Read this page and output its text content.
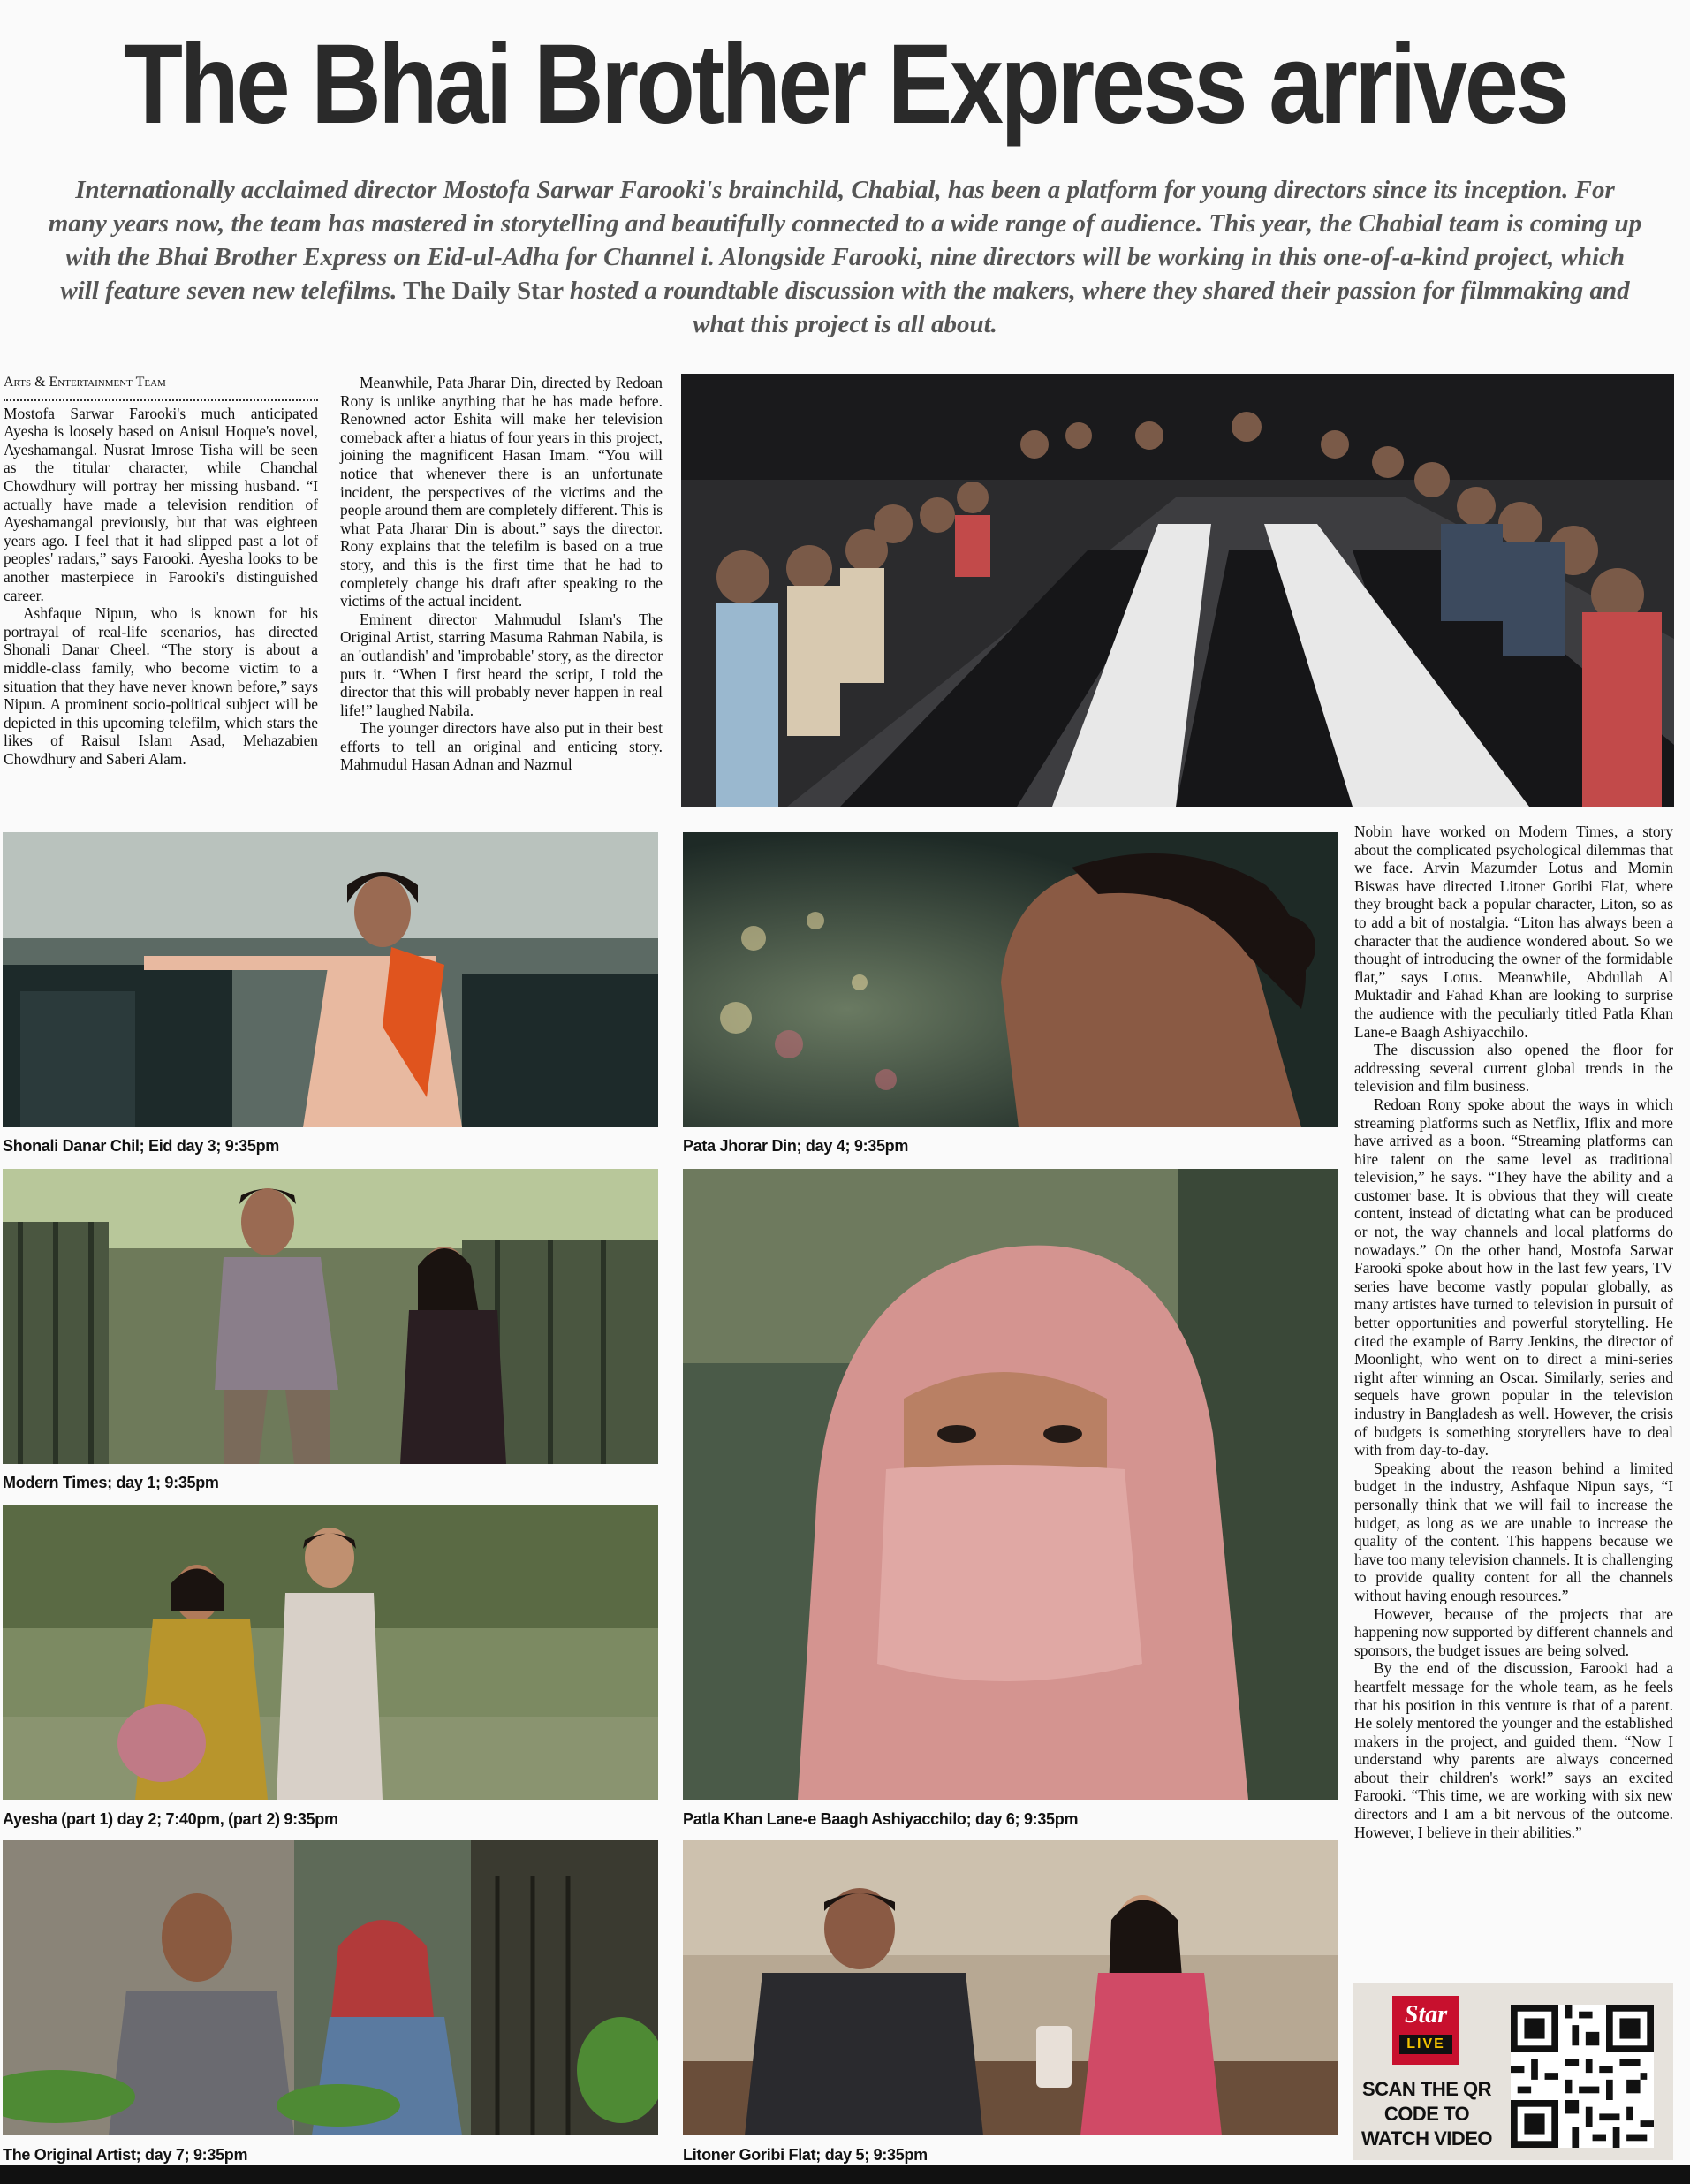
The Bhai Brother Express arrives
Internationally acclaimed director Mostofa Sarwar Farooki's brainchild, Chabial, has been a platform for young directors since its inception. For many years now, the team has mastered in storytelling and beautifully connected to a wide range of audience. This year, the Chabial team is coming up with the Bhai Brother Express on Eid-ul-Adha for Channel i. Alongside Farooki, nine directors will be working in this one-of-a-kind project, which will feature seven new telefilms. The Daily Star hosted a roundtable discussion with the makers, where they shared their passion for filmmaking and what this project is all about.
Arts & Entertainment Team

Mostofa Sarwar Farooki's much anticipated Ayesha is loosely based on Anisul Hoque's novel, Ayeshamangal. Nusrat Imrose Tisha will be seen as the titular character, while Chanchal Chowdhury will portray her missing husband. “I actually have made a television rendition of Ayeshamangal previously, but that was eighteen years ago. I feel that it had slipped past a lot of peoples' radars,” says Farooki. Ayesha looks to be another masterpiece in Farooki's distinguished career.

Ashfaque Nipun, who is known for his portrayal of real-life scenarios, has directed Shonali Danar Cheel. “The story is about a middle-class family, who become victim to a situation that they have never known before,” says Nipun. A prominent socio-political subject will be depicted in this upcoming telefilm, which stars the likes of Raisul Islam Asad, Mehazabien Chowdhury and Saberi Alam.

Meanwhile, Pata Jharar Din, directed by Redoan Rony is unlike anything that he has made before. Renowned actor Eshita will make her television comeback after a hiatus of four years in this project, joining the magnificent Hasan Imam. “You will notice that whenever there is an unfortunate incident, the perspectives of the victims and the people around them are completely different. This is what Pata Jharar Din is about.” says the director. Rony explains that the telefilm is based on a true story, and this is the first time that he had to completely change his draft after speaking to the victims of the actual incident.

Eminent director Mahmudul Islam's The Original Artist, starring Masuma Rahman Nabila, is an 'outlandish' and 'improbable' story, as the director puts it. “When I first heard the script, I told the director that this will probably never happen in real life!” laughed Nabila.

The younger directors have also put in their best efforts to tell an original and enticing story. Mahmudul Hasan Adnan and Nazmul

Shonali Danar Chil; Eid day 3; 9:35pm	Pata Jhorar Din; day 4; 9:35pm

Nobin have worked on Modern Times, a story about the complicated psychological dilemmas that we face. Arvin Mazumder Lotus and Momin Biswas have directed Litoner Goribi Flat, where they brought back a popular character, Liton, so as to add a bit of nostalgia. “Liton has always been a character that the audience wondered about. So we thought of introducing the owner of the formidable flat,” says Lotus. Meanwhile, Abdullah Al Muktadir and Fahad Khan are looking to surprise the audience with the peculiarly titled Patla Khan Lane-e Baagh Ashiyacchilo.

The discussion also opened the floor for addressing several current global trends in the television and film business.

Redoan Rony spoke about the ways in which streaming platforms such as Netflix, Iflix and more have arrived as a boon. “Streaming platforms can hire talent on the same level as traditional television,” he says. “They have the ability and a customer base. It is obvious that they will create content, instead of dictating what can be produced or not, the way channels and local platforms do nowadays.” On the other hand, Mostofa Sarwar Farooki spoke about how in the last few years, TV series have become vastly popular globally, as many artistes have turned to television in pursuit of better opportunities and powerful storytelling. He cited the example of Barry Jenkins, the director of Moonlight, who went on to direct a mini-series right after winning an Oscar. Similarly, series and sequels have grown popular in the television industry in Bangladesh as well. However, the crisis of budgets is something storytellers have to deal with from day-to-day.

Speaking about the reason behind a limited budget in the industry, Ashfaque Nipun says, “I personally think that we will fail to increase the budget, as long as we are unable to increase the quality of the content. This happens because we have too many television channels. It is challenging to provide quality content for all the channels without having enough resources.”

However, because of the projects that are happening now supported by different channels and sponsors, the budget issues are being solved.

By the end of the discussion, Farooki had a heartfelt message for the whole team, as he feels that his position in this venture is that of a parent. He solely mentored the younger and the established makers in the project, and guided them. “Now I understand why parents are always concerned about their children's work!” says an excited Farooki. “This time, we are working with six new directors and I am a bit nervous of the outcome. However, I believe in their abilities.”

Modern Times; day 1; 9:35pm
Patla Khan Lane-e Baagh Ashiyacchilo; day 6; 9:35pm
Ayesha (part 1) day 2; 7:40pm, (part 2) 9:35pm
The Original Artist; day 7; 9:35pm	Litoner Goribi Flat; day 5; 9:35pm
Star
LIVE
SCAN THE QR
CODE TO
WATCH VIDEO
